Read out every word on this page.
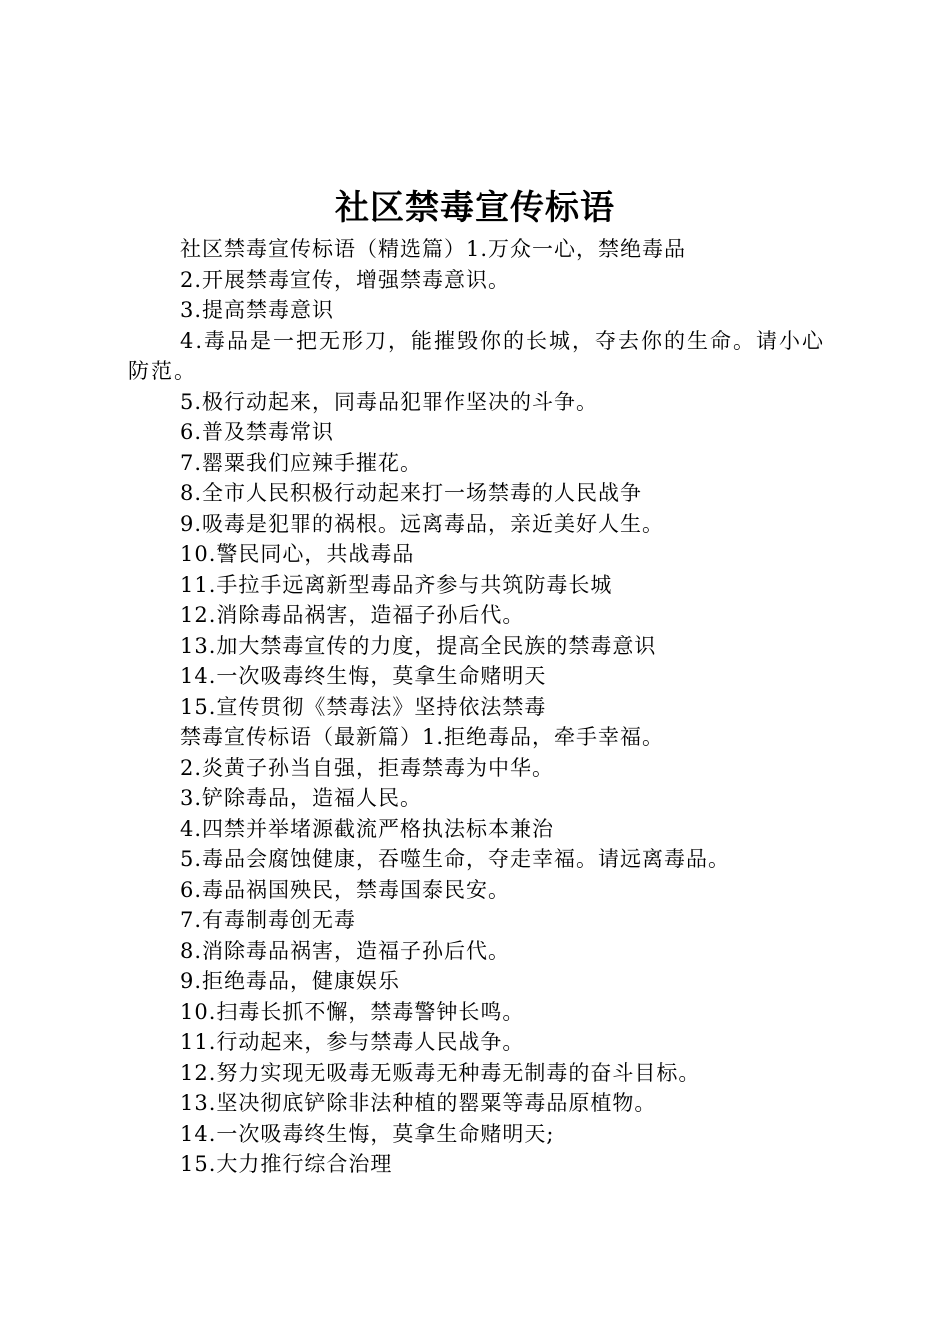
社区禁毒宣传标语
社区禁毒宣传标语（精选篇）1.万众一心，禁绝毒品
2.开展禁毒宣传，增强禁毒意识。
3.提高禁毒意识
4.毒品是一把无形刀，能摧毁你的长城，夺去你的生命。请小心防范。
5.极行动起来，同毒品犯罪作坚决的斗争。
6.普及禁毒常识
7.罂粟我们应辣手摧花。
8.全市人民积极行动起来打一场禁毒的人民战争
9.吸毒是犯罪的祸根。远离毒品，亲近美好人生。
10.警民同心，共战毒品
11.手拉手远离新型毒品齐参与共筑防毒长城
12.消除毒品祸害，造福子孙后代。
13.加大禁毒宣传的力度，提高全民族的禁毒意识
14.一次吸毒终生悔，莫拿生命赌明天
15.宣传贯彻《禁毒法》坚持依法禁毒
禁毒宣传标语（最新篇）1.拒绝毒品，牵手幸福。
2.炎黄子孙当自强，拒毒禁毒为中华。
3.铲除毒品，造福人民。
4.四禁并举堵源截流严格执法标本兼治
5.毒品会腐蚀健康，吞噬生命，夺走幸福。请远离毒品。
6.毒品祸国殃民，禁毒国泰民安。
7.有毒制毒创无毒
8.消除毒品祸害，造福子孙后代。
9.拒绝毒品，健康娱乐
10.扫毒长抓不懈，禁毒警钟长鸣。
11.行动起来，参与禁毒人民战争。
12.努力实现无吸毒无贩毒无种毒无制毒的奋斗目标。
13.坚决彻底铲除非法种植的罂粟等毒品原植物。
14.一次吸毒终生悔，莫拿生命赌明天;
15.大力推行综合治理
